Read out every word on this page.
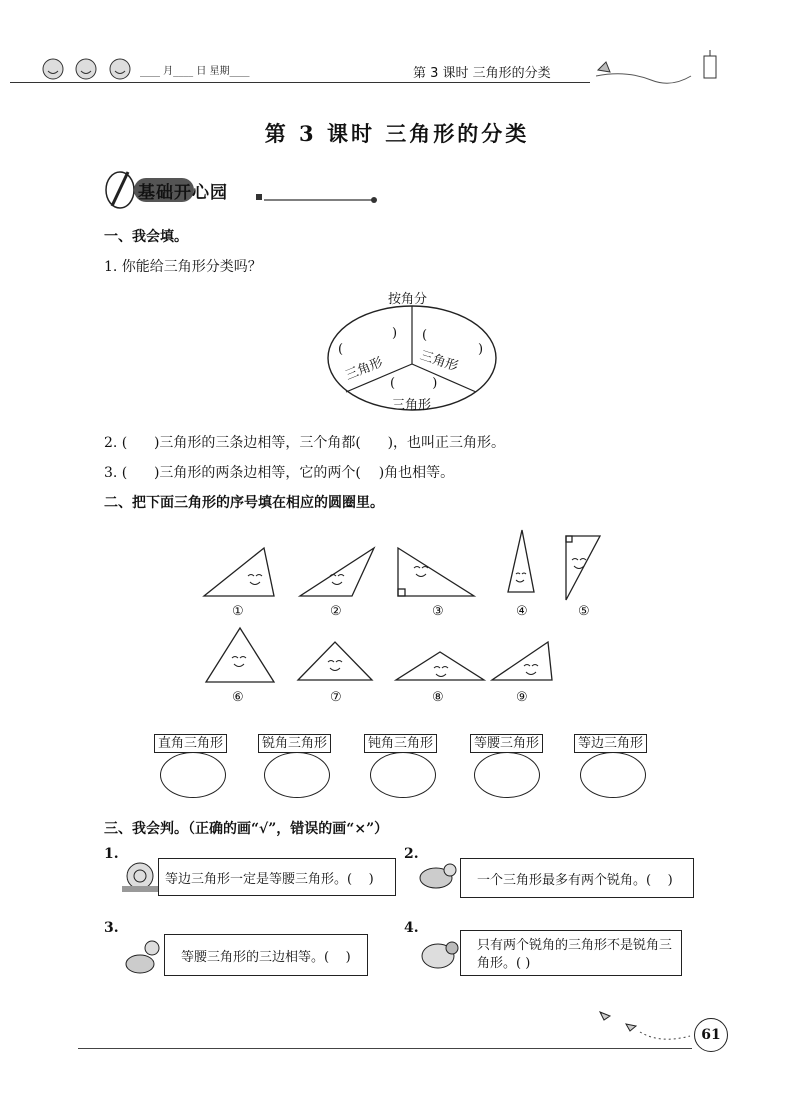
____ 月____ 日 星期____	第 3 课时 三角形的分类
第 3 课时 三角形的分类
基础开心园
一、我会填。
1. 你能给三角形分类吗？
按角分
)
(
三角形
(
)
三角形
(         )
三角形
2. (      )三角形的三条边相等，三个角都(      )，也叫正三角形。
3. (      )三角形的两条边相等，它的两个(    )角也相等。
二、把下面三角形的序号填在相应的圆圈里。
①	②	③	④	⑤
⑥	⑦	⑧	⑨
直角三角形	锐角三角形	钝角三角形	等腰三角形	等边三角形
三、我会判。（正确的画“√”，错误的画“×”）
1.
等边三角形一定是等腰三角形。(    )
2.
一个三角形最多有两个锐角。(    )
3.
等腰三角形的三边相等。(    )
4.
只有两个锐角的三角形不是锐角三角形。( )
61
